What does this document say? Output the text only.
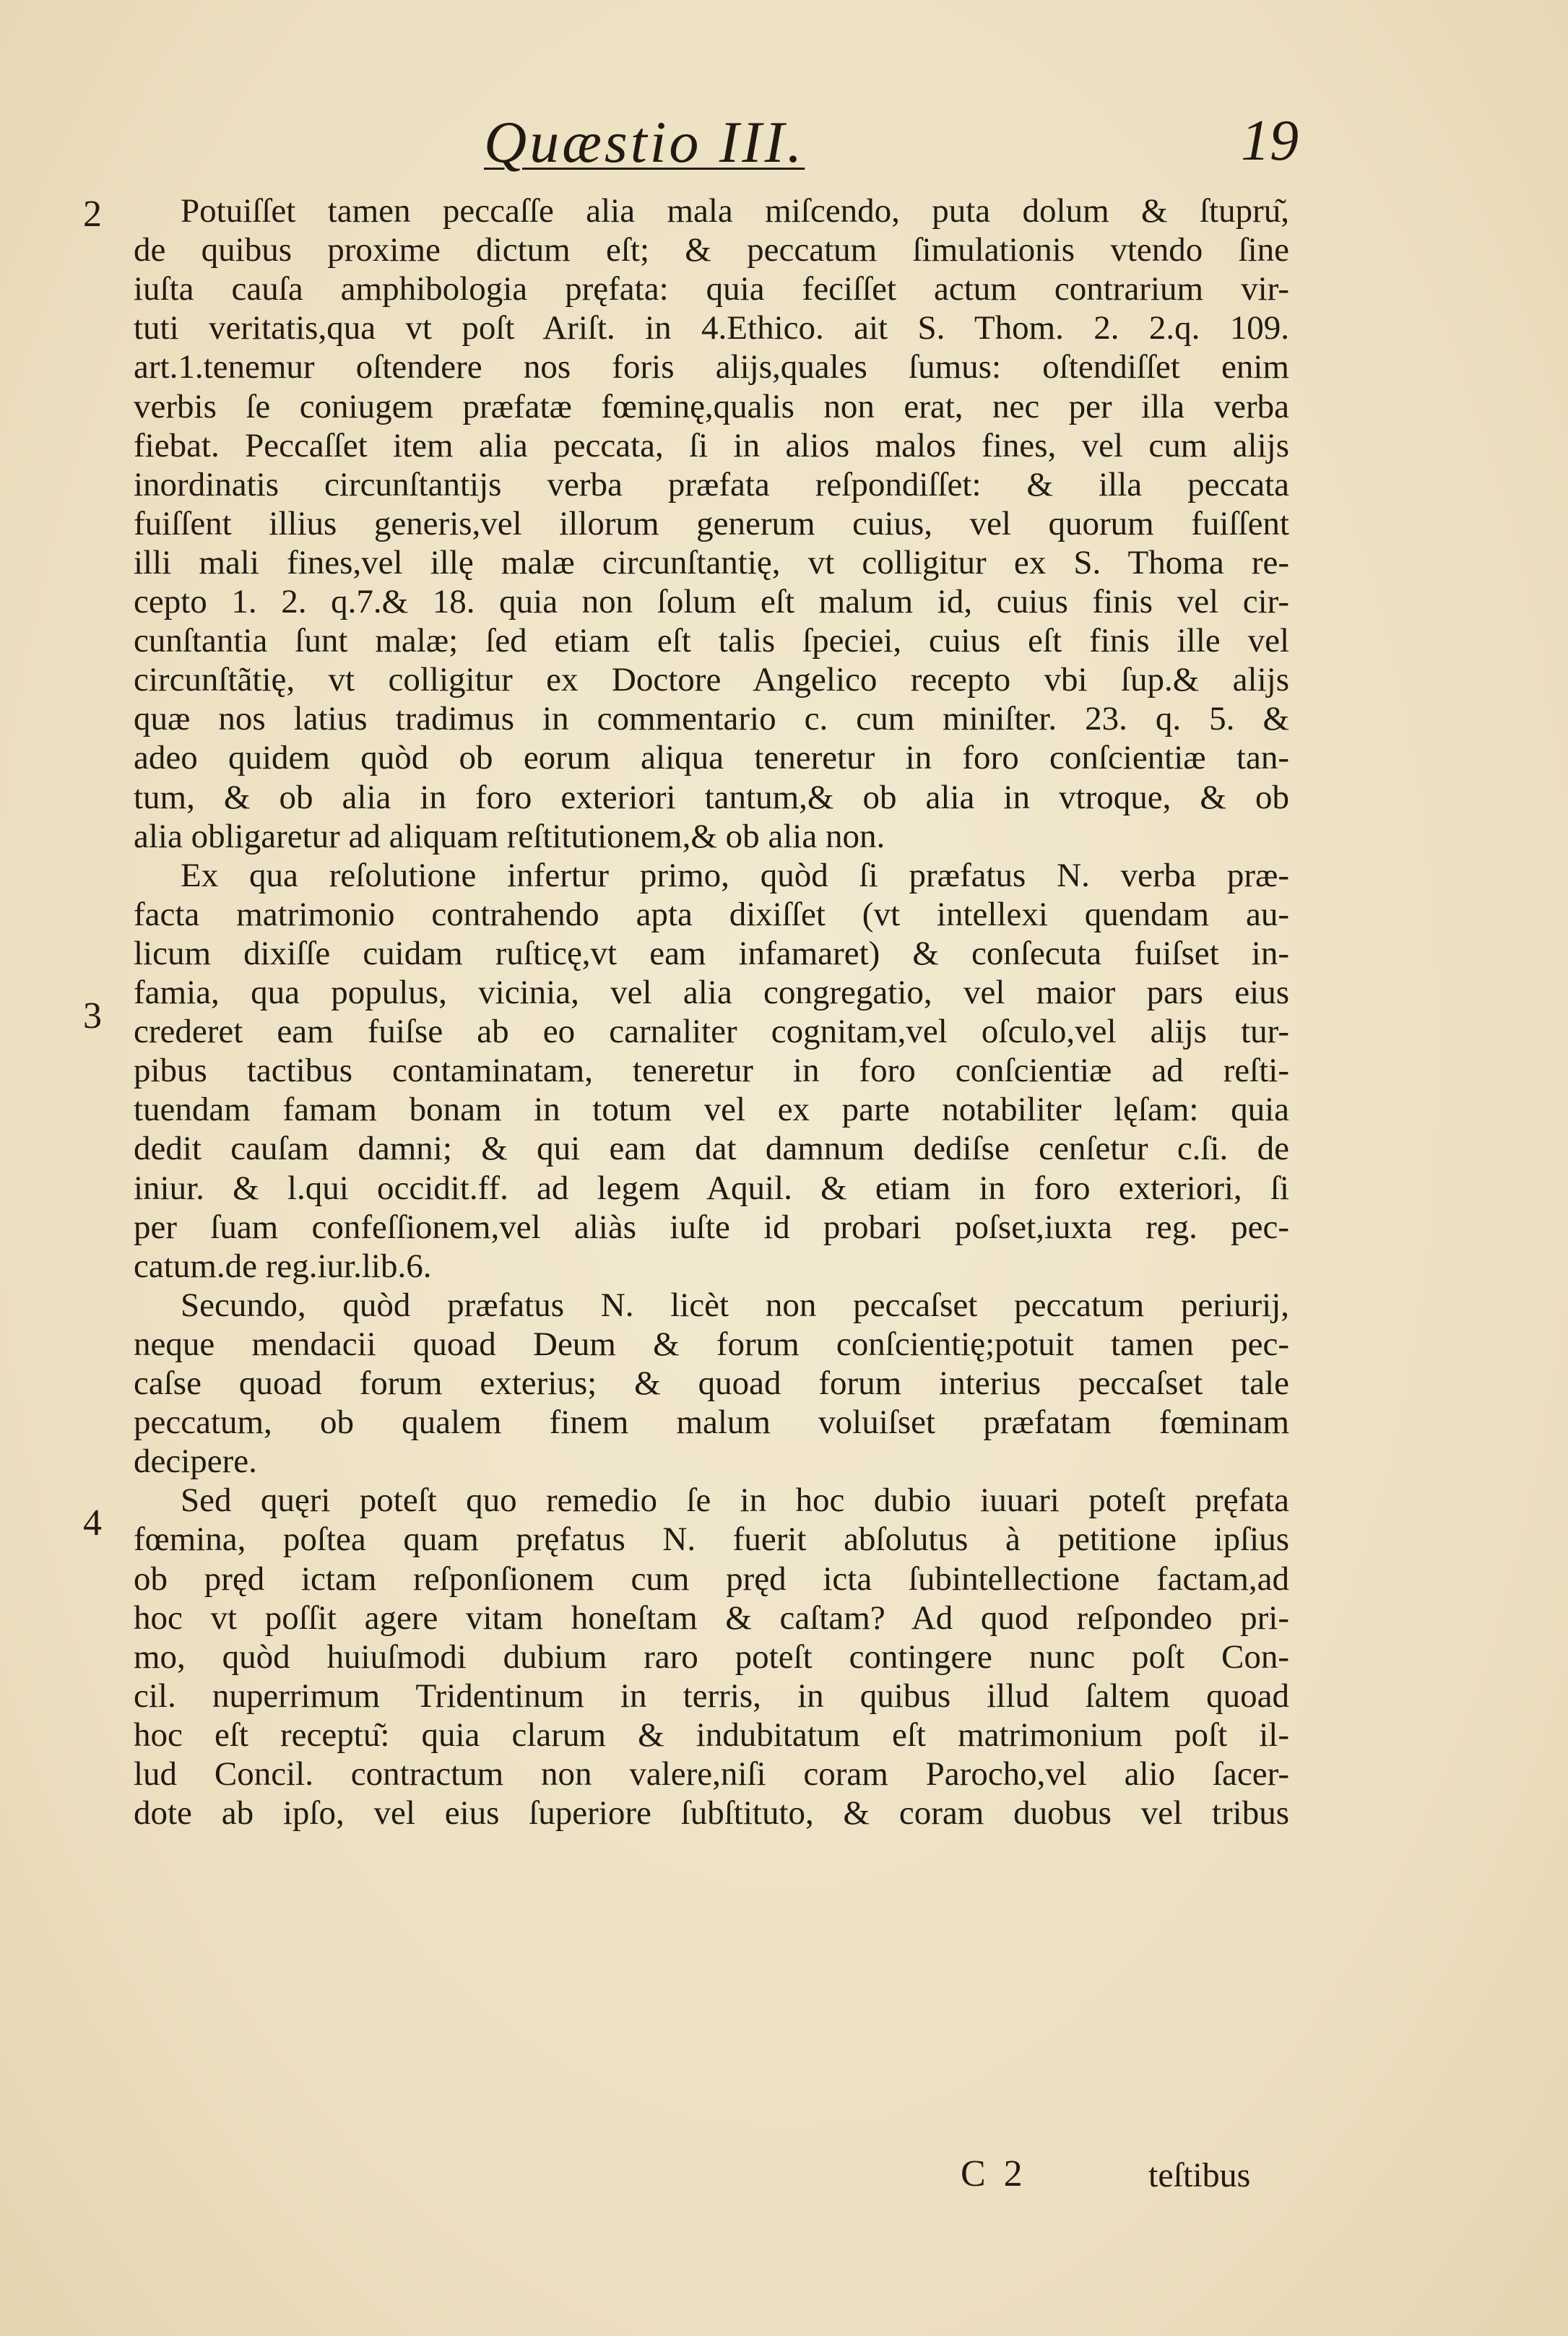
Quæstio III.	19
2
3
4
Potuiſſet tamen peccaſſe alia mala miſcendo, puta dolum & ſtupru͂,
de quibus proxime dictum eſt; & peccatum ſimulationis vtendo ſine
iuſta cauſa amphibologia pręfata: quia feciſſet actum contrarium vir-
tuti veritatis,qua vt poſt Ariſt. in 4.Ethico. ait S. Thom. 2. 2.q. 109.
art.1.tenemur oſtendere nos foris alijs,quales ſumus: oſtendiſſet enim
verbis ſe coniugem præfatæ fœminę,qualis non erat, nec per illa verba
fiebat. Peccaſſet item alia peccata, ſi in alios malos fines, vel cum alijs
inordinatis circunſtantijs verba præfata reſpondiſſet: & illa peccata
fuiſſent illius generis,vel illorum generum cuius, vel quorum fuiſſent
illi mali fines,vel illę malæ circunſtantię, vt colligitur ex S. Thoma re-
cepto 1. 2. q.7.& 18. quia non ſolum eſt malum id, cuius finis vel cir-
cunſtantia ſunt malæ; ſed etiam eſt talis ſpeciei, cuius eſt finis ille vel
circunſtãtię, vt colligitur ex Doctore Angelico recepto vbi ſup.& alijs
quæ nos latius tradimus in commentario c. cum miniſter. 23. q. 5. &
adeo quidem quòd ob eorum aliqua teneretur in foro conſcientiæ tan-
tum, & ob alia in foro exteriori tantum,& ob alia in vtroque, & ob
alia obligaretur ad aliquam reſtitutionem,& ob alia non.
Ex qua reſolutione infertur primo, quòd ſi præfatus N. verba præ-
facta matrimonio contrahendo apta dixiſſet (vt intellexi quendam au-
licum dixiſſe cuidam ruſticę,vt eam infamaret) & conſecuta fuiſset in-
famia, qua populus, vicinia, vel alia congregatio, vel maior pars eius
crederet eam fuiſse ab eo carnaliter cognitam,vel oſculo,vel alijs tur-
pibus tactibus contaminatam, teneretur in foro conſcientiæ ad reſti-
tuendam famam bonam in totum vel ex parte notabiliter lęſam: quia
dedit cauſam damni; & qui eam dat damnum dediſse cenſetur c.ſi. de
iniur. & l.qui occidit.ff. ad legem Aquil. & etiam in foro exteriori, ſi
per ſuam confeſſionem,vel aliàs iuſte id probari poſset,iuxta reg. pec-
catum.de reg.iur.lib.6.
Secundo, quòd præfatus N. licèt non peccaſset peccatum periurij,
neque mendacii quoad Deum & forum conſcientię;potuit tamen pec-
caſse quoad forum exterius; & quoad forum interius peccaſset tale
peccatum, ob qualem finem malum voluiſset præfatam fœminam
decipere.
Sed quęri poteſt quo remedio ſe in hoc dubio iuuari poteſt pręfata
fœmina, poſtea quam pręfatus N. fuerit abſolutus à petitione ipſius
ob pręd ictam reſponſionem cum pręd icta ſubintellectione factam,ad
hoc vt poſſit agere vitam honeſtam & caſtam? Ad quod reſpondeo pri-
mo, quòd huiuſmodi dubium raro poteſt contingere nunc poſt Con-
cil. nuperrimum Tridentinum in terris, in quibus illud ſaltem quoad
hoc eſt receptu͂: quia clarum & indubitatum eſt matrimonium poſt il-
lud Concil. contractum non valere,niſi coram Parocho,vel alio ſacer-
dote ab ipſo, vel eius ſuperiore ſubſtituto, & coram duobus vel tribus
C 2	teſtibus
